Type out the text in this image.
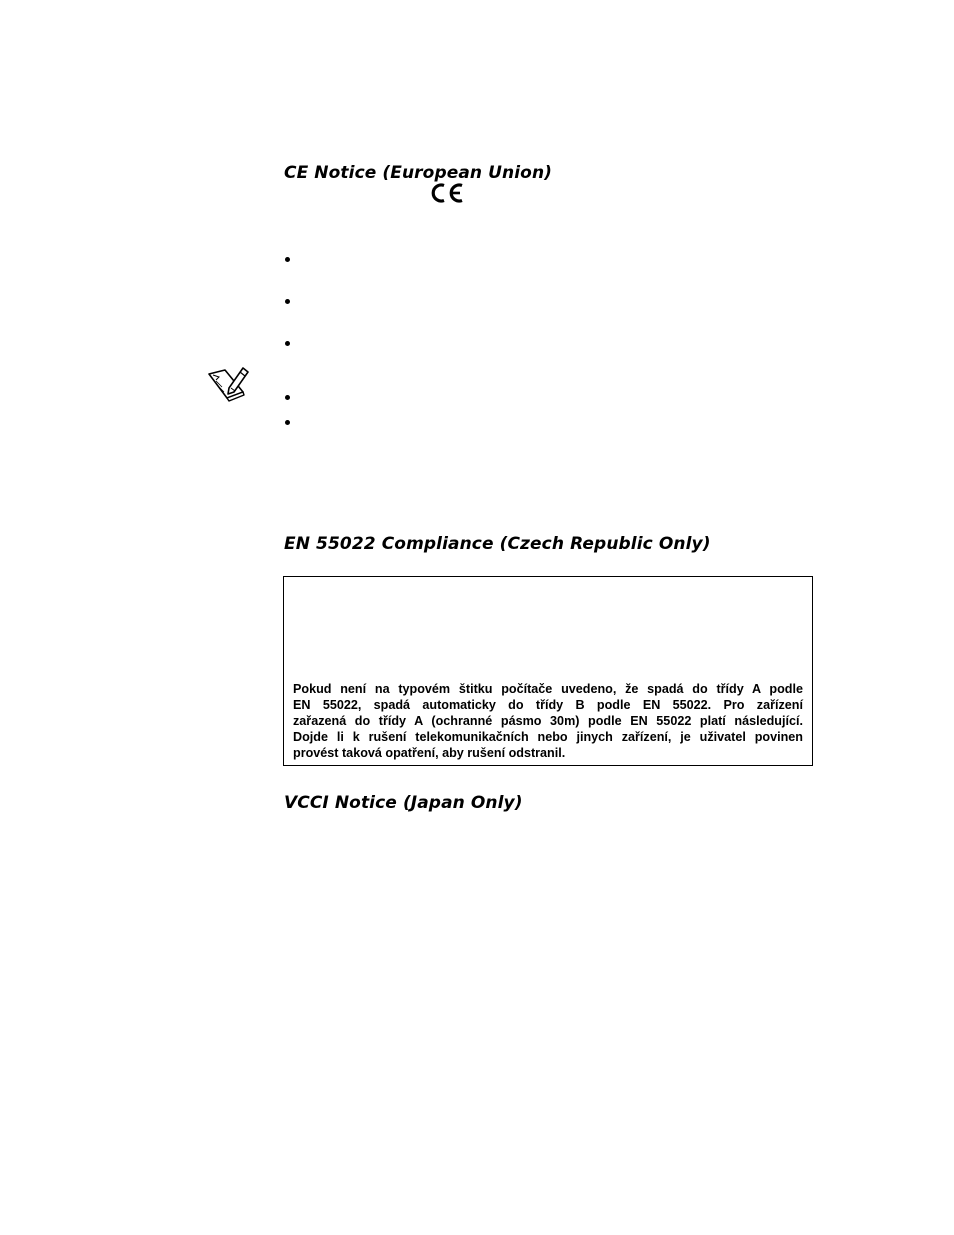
CE Notice (European Union)
EN 55022 Compliance (Czech Republic Only)

Pokud není na typovém štitku počítače uvedeno, že spadá do třídy A podle
EN 55022, spadá automaticky do třídy B podle EN 55022. Pro zařízení
zařazená do třídy A (ochranné pásmo 30m) podle EN 55022 platí následující.
Dojde li k rušení telekomunikačních nebo jinych zařízení, je uživatel povinen
provést taková opatření, aby rušení odstranil.

VCCI Notice (Japan Only)
